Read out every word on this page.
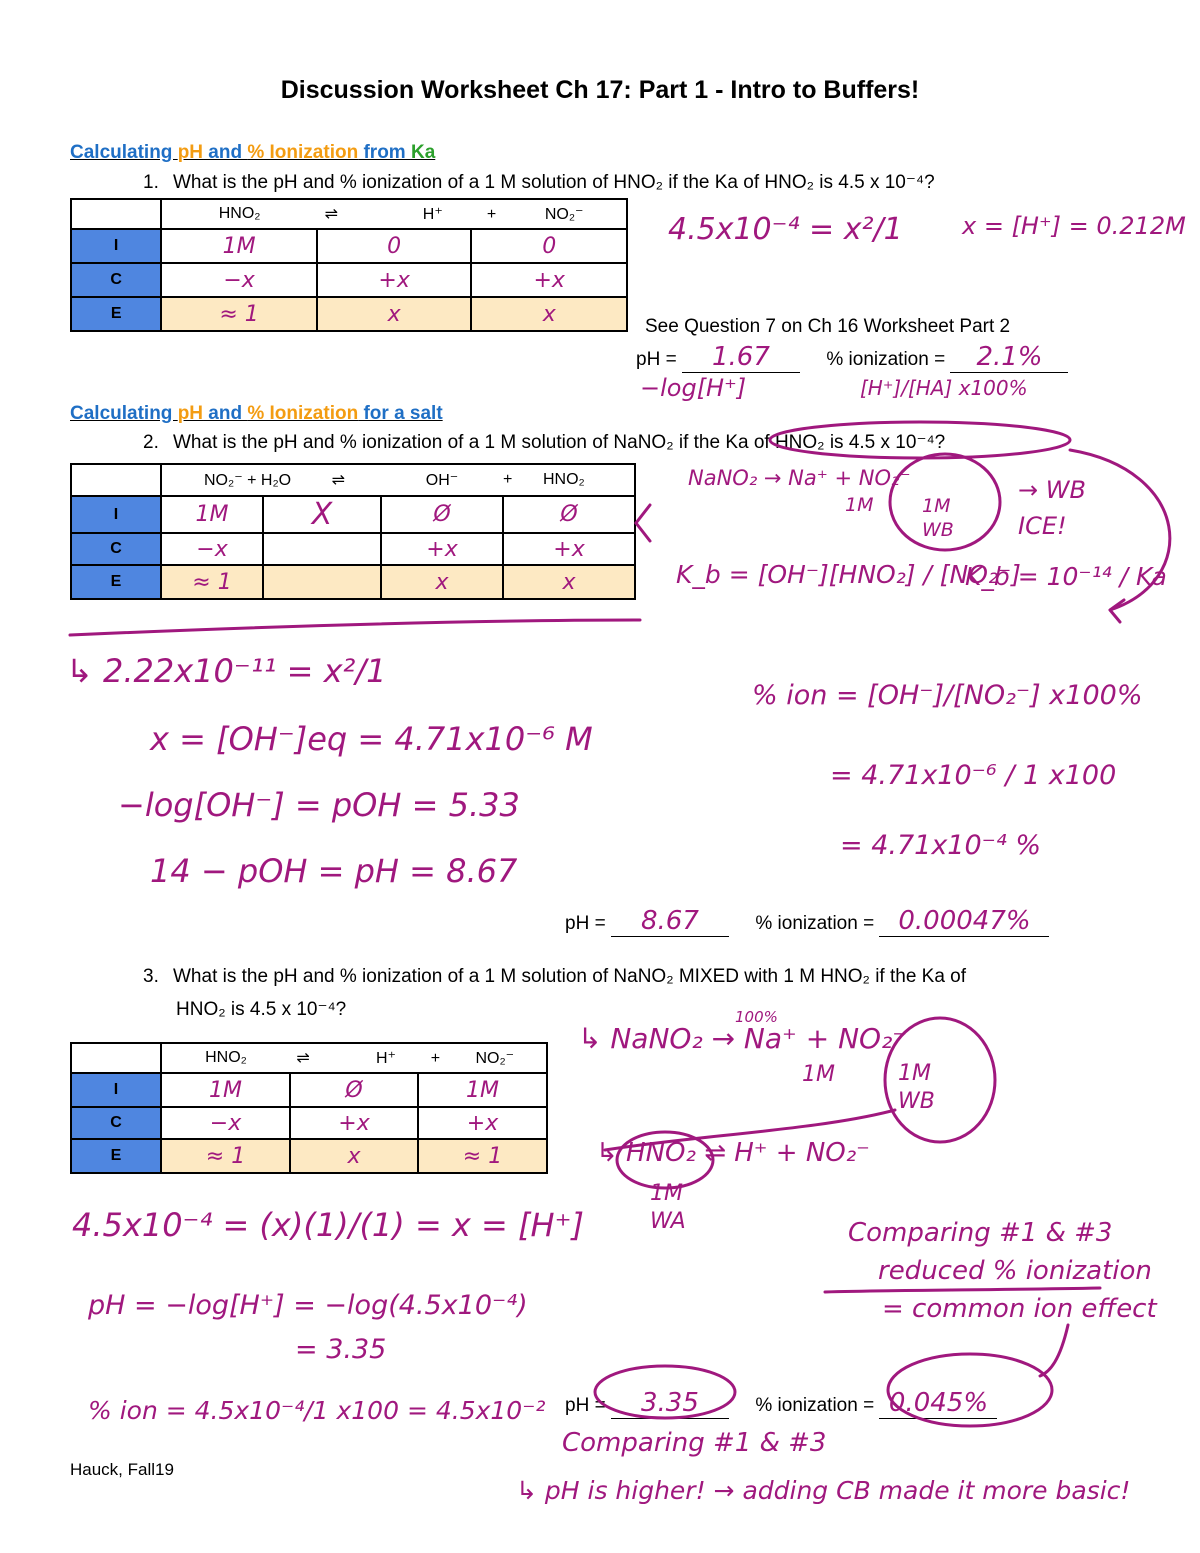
Discussion Worksheet Ch 17: Part 1 - Intro to Buffers!
Calculating pH and % Ionization from Ka
1. What is the pH and % ionization of a 1 M solution of HNO₂ if the Ka of HNO₂ is 4.5 x 10⁻⁴?
	HNO₂	⇌ H⁺	+ NO₂⁻
I	1M	0	0
C	−x	+x	+x
E	≈ 1	x	x	See Question 7 on Ch 16 Worksheet Part 2
pH = 1.67	% ionization = 2.1%
4.5x10⁻⁴ = x²/1 x = [H⁺] = 0.212M
−log[H⁺]	[H⁺]/[HA] x100%
Calculating pH and % Ionization for a salt
2. What is the pH and % ionization of a 1 M solution of NaNO₂ if the Ka of HNO₂ is 4.5 x 10⁻⁴?
	NO₂⁻ + H₂O ⇌		OH⁻	+ HNO₂
I	1M	X	Ø	Ø
C	−x		+x	+x
E	≈ 1		x	x
NaNO₂ → Na⁺ + NO₂⁻
1M	1M WB
→ WB ICE!
K_b = [OH⁻][HNO₂] / [NO₂⁻]
K_b = 10⁻¹⁴ / Ka
↳ 2.22x10⁻¹¹ = x²/1
x = [OH⁻]eq = 4.71x10⁻⁶ M
−log[OH⁻] = pOH = 5.33
14 − pOH = pH = 8.67
% ion = [OH⁻]/[NO₂⁻] x100%
= 4.71x10⁻⁶ / 1 x100
= 4.71x10⁻⁴ %
pH = 8.67	% ionization = 0.00047%
3. What is the pH and % ionization of a 1 M solution of NaNO₂ MIXED with 1 M HNO₂ if the Ka of
HNO₂ is 4.5 x 10⁻⁴?
	HNO₂	⇌ H⁺	+ NO₂⁻
I	1M	Ø	1M
C	−x	+x	+x
E	≈ 1	x	≈ 1
↳ NaNO₂ → Na⁺ + NO₂⁻
100%
1M	1M WB
↳ HNO₂ ⇌ H⁺ + NO₂⁻
1M WA
4.5x10⁻⁴ = (x)(1)/(1) = x = [H⁺]
pH = −log[H⁺] = −log(4.5x10⁻⁴)
= 3.35
% ion = 4.5x10⁻⁴/1 x100 = 4.5x10⁻²
Comparing #1 & #3
reduced % ionization
= common ion effect
Comparing #1 & #3
↳ pH is higher! → adding CB made it more basic!
pH = 3.35	% ionization = 0.045%
Hauck, Fall19
